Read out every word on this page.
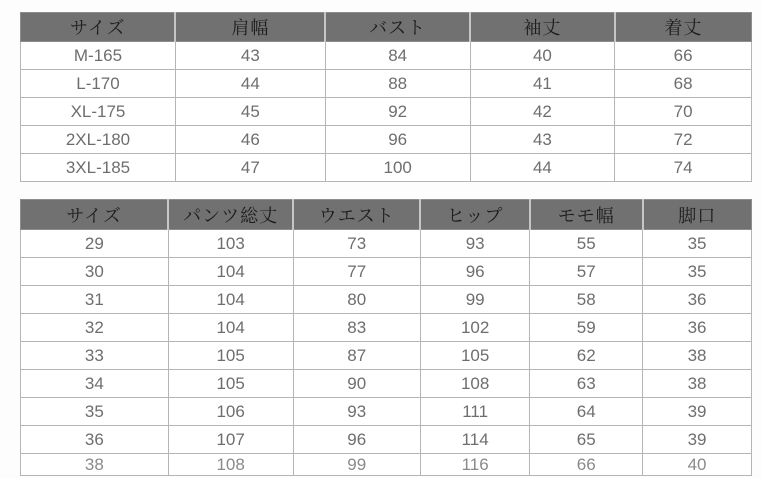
サイズ	肩幅	バスト	袖丈	着丈
M-165	43	84	40	66
L-170	44	88	41	68
XL-175	45	92	42	70
2XL-180	46	96	43	72
3XL-185	47	100	44	74
サイズ	パンツ総丈	ウエスト	ヒップ	モモ幅	脚口
29	103	73	93	55	35
30	104	77	96	57	35
31	104	80	99	58	36
32	104	83	102	59	36
33	105	87	105	62	38
34	105	90	108	63	38
35	106	93	111	64	39
36	107	96	114	65	39
38	108	99	116	66	40
